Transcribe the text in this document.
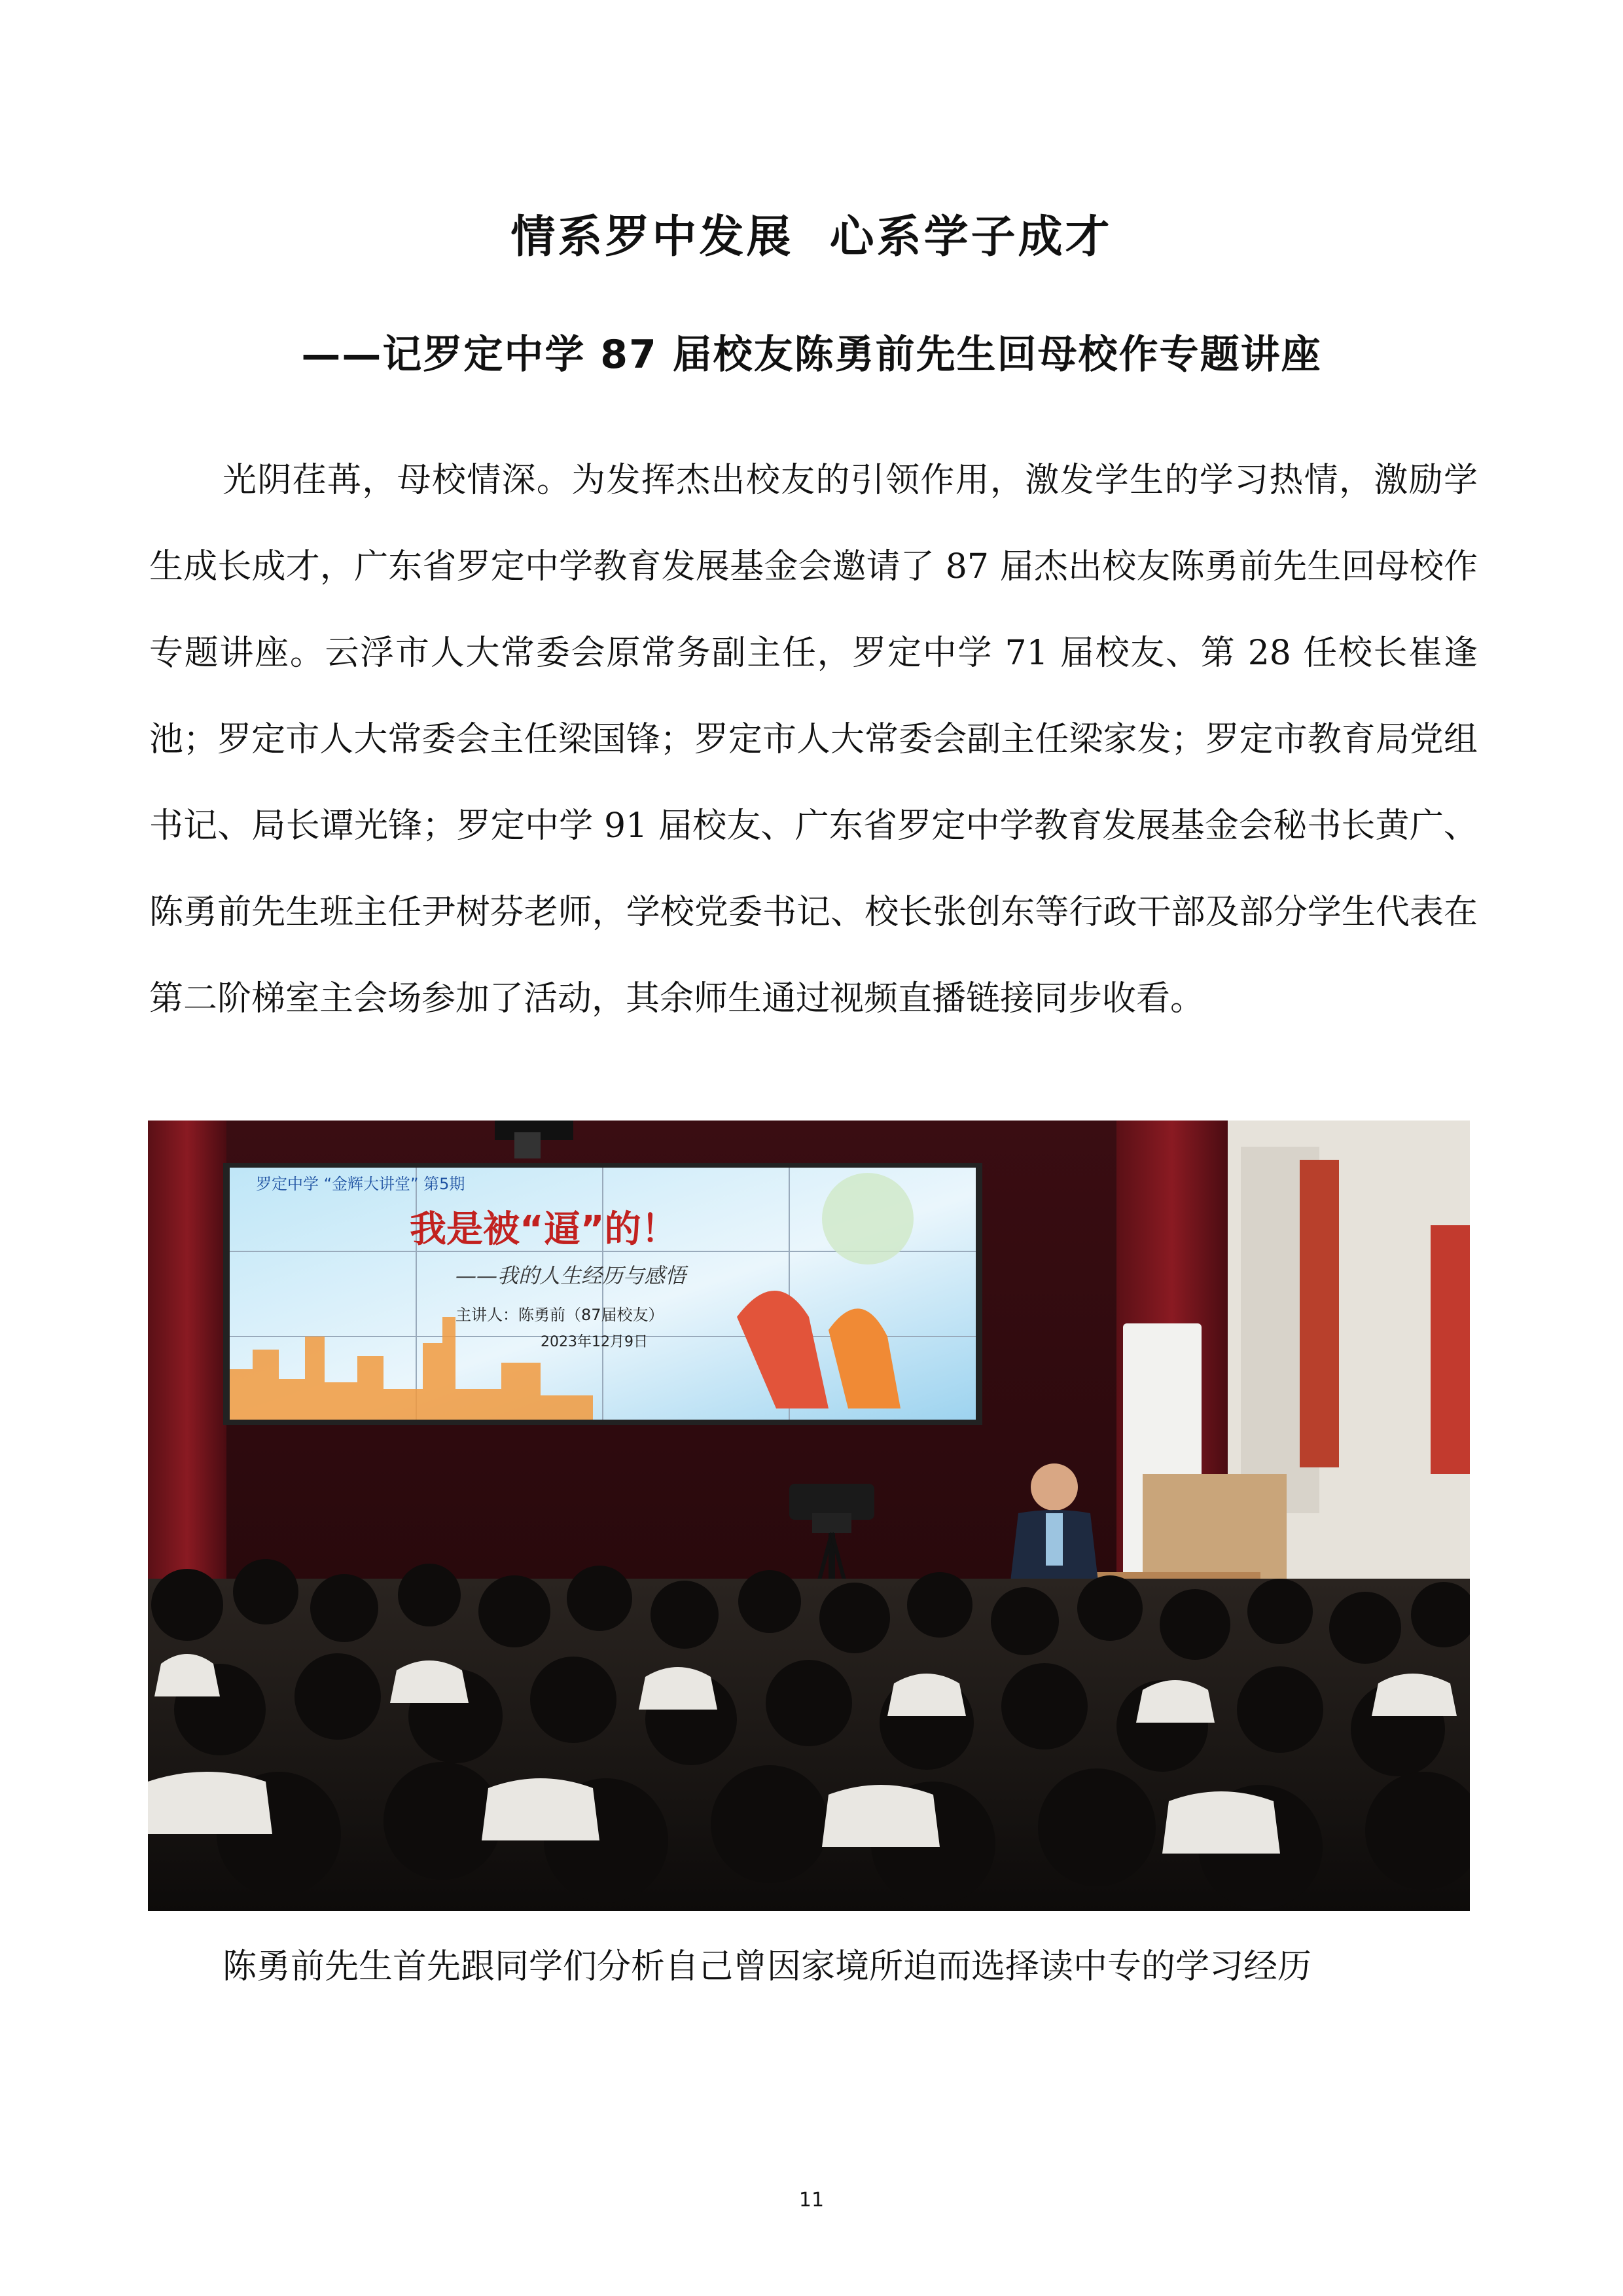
情系罗中发展  心系学子成才
——记罗定中学 87 届校友陈勇前先生回母校作专题讲座

光阴荏苒，母校情深。为发挥杰出校友的引领作用，激发学生的学习热情，激励学生成长成才，广东省罗定中学教育发展基金会邀请了 87 届杰出校友陈勇前先生回母校作专题讲座。云浮市人大常委会原常务副主任，罗定中学 71 届校友、第 28 任校长崔逢池；罗定市人大常委会主任梁国锋；罗定市人大常委会副主任梁家发；罗定市教育局党组书记、局长谭光锋；罗定中学 91 届校友、广东省罗定中学教育发展基金会秘书长黄广、陈勇前先生班主任尹树芬老师，学校党委书记、校长张创东等行政干部及部分学生代表在第二阶梯室主会场参加了活动，其余师生通过视频直播链接同步收看。

罗定中学 “金辉大讲堂” 第5期
我是被“逼”的！
——我的人生经历与感悟
主讲人：陈勇前（87届校友）
2023年12月9日

陈勇前先生首先跟同学们分析自己曾因家境所迫而选择读中专的学习经历

11
